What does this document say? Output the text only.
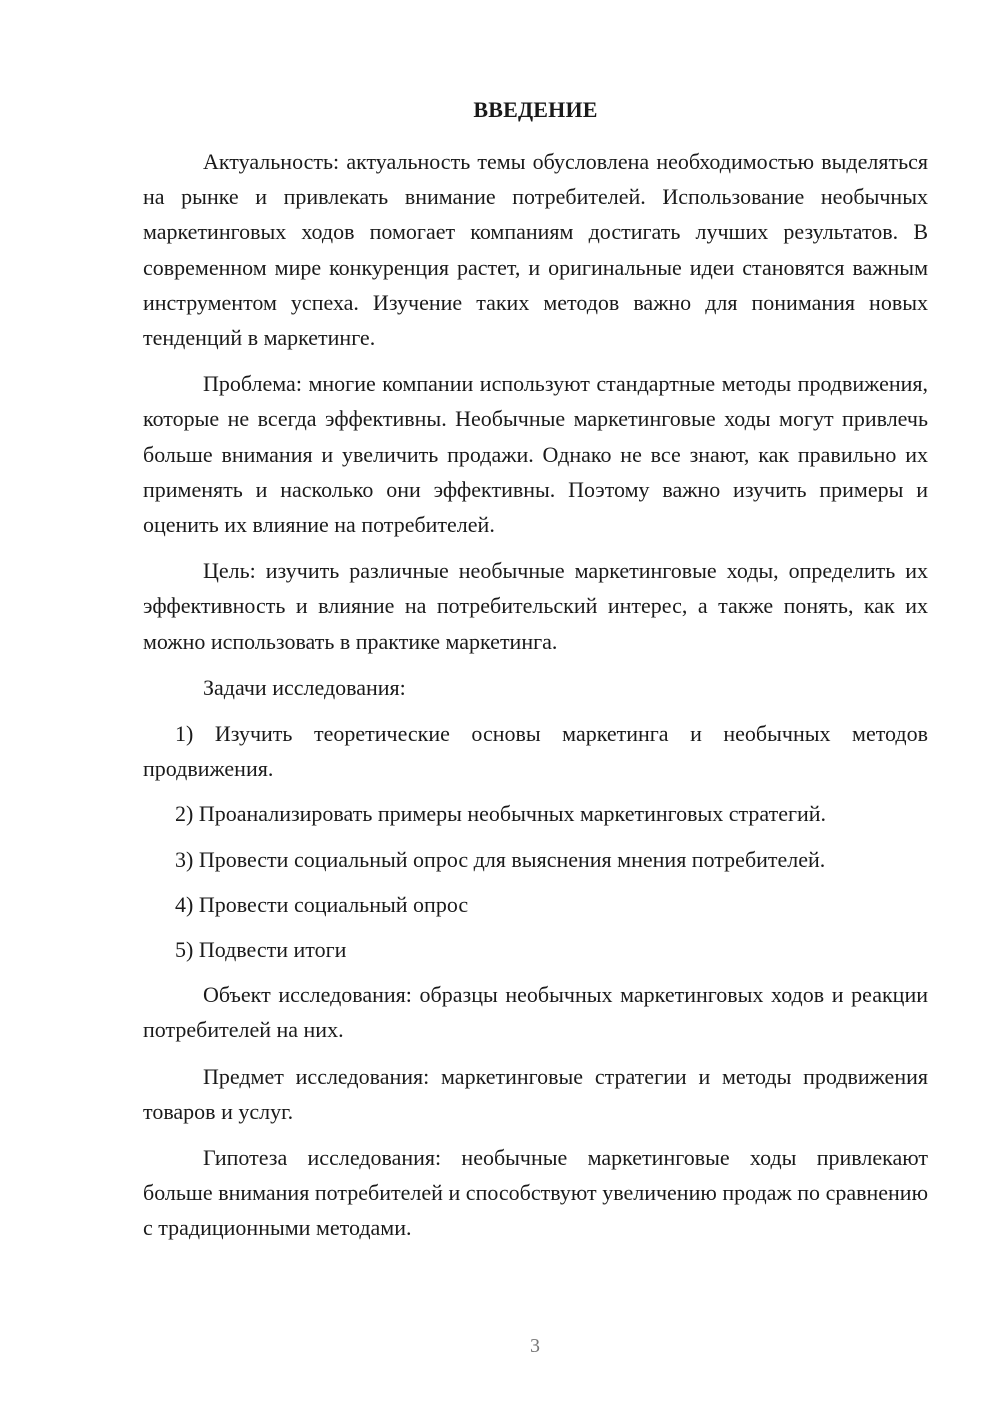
ВВЕДЕНИЕ

Актуальность: актуальность темы обусловлена необходимостью выделяться на рынке и привлекать внимание потребителей. Использование необычных маркетинговых ходов помогает компаниям достигать лучших результатов. В современном мире конкуренция растет, и оригинальные идеи становятся важным инструментом успеха. Изучение таких методов важно для понимания новых тенденций в маркетинге.

Проблема: многие компании используют стандартные методы продвижения, которые не всегда эффективны. Необычные маркетинговые ходы могут привлечь больше внимания и увеличить продажи. Однако не все знают, как правильно их применять и насколько они эффективны. Поэтому важно изучить примеры и оценить их влияние на потребителей.

Цель: изучить различные необычные маркетинговые ходы, определить их эффективность и влияние на потребительский интерес, а также понять, как их можно использовать в практике маркетинга.

Задачи исследования:

1) Изучить теоретические основы маркетинга и необычных методов продвижения.

2) Проанализировать примеры необычных маркетинговых стратегий.

3) Провести социальный опрос для выяснения мнения потребителей.

4) Провести социальный опрос

5) Подвести итоги

Объект исследования: образцы необычных маркетинговых ходов и реакции потребителей на них.

Предмет исследования: маркетинговые стратегии и методы продвижения товаров и услуг.

Гипотеза исследования: необычные маркетинговые ходы привлекают больше внимания потребителей и способствуют увеличению продаж по сравнению с традиционными методами.

3
